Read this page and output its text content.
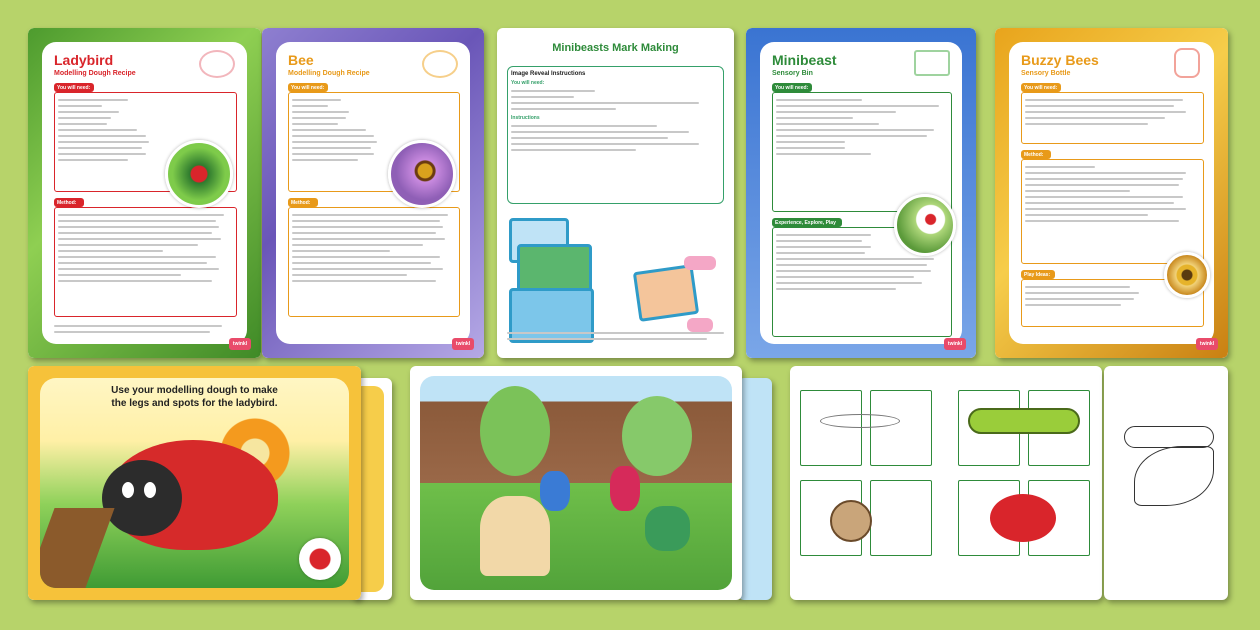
Ladybird
Modelling Dough Recipe
You will need:
Method:
twinkl
Bee
Modelling Dough Recipe
You will need:
Method:
twinkl
Minibeasts Mark Making
Image Reveal Instructions
You will need:
Instructions
Minibeast
Sensory Bin
You will need:
Experience, Explore, Play
twinkl
Buzzy Bees
Sensory Bottle
You will need:
Method:
Play Ideas:
twinkl
Use your modelling dough to make
the legs and spots for the ladybird.
